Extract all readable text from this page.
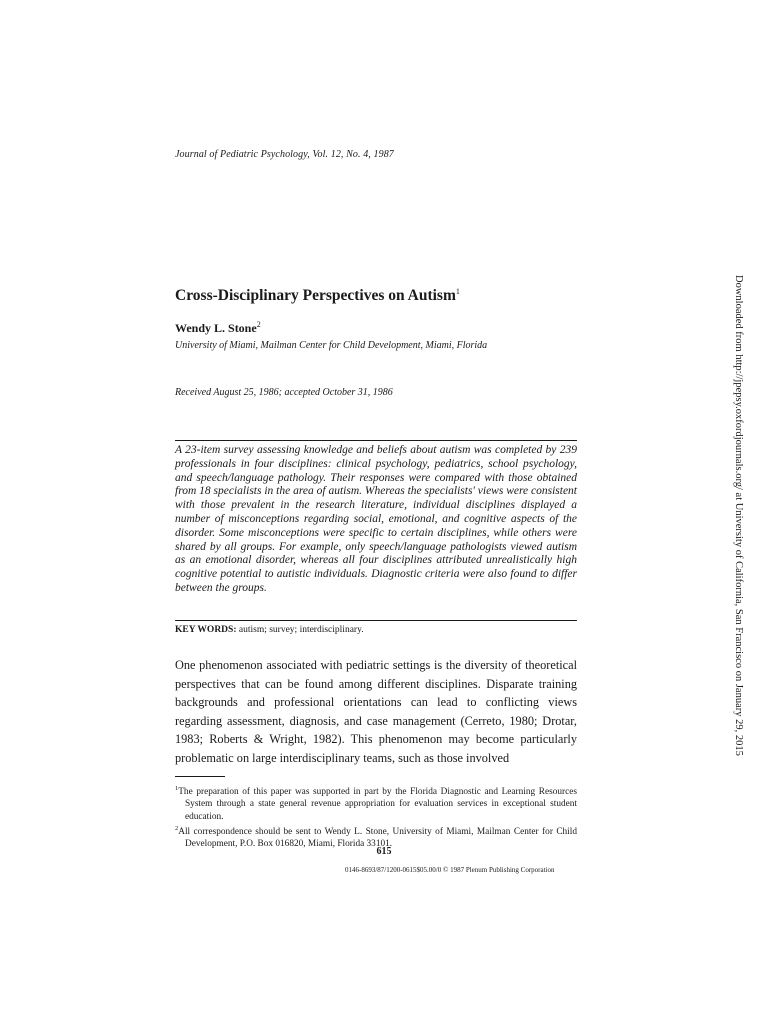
Journal of Pediatric Psychology, Vol. 12, No. 4, 1987
Cross-Disciplinary Perspectives on Autism$^1$
Wendy L. Stone$^2$
University of Miami, Mailman Center for Child Development, Miami, Florida
Received August 25, 1986; accepted October 31, 1986
A 23-item survey assessing knowledge and beliefs about autism was completed by 239 professionals in four disciplines: clinical psychology, pediatrics, school psychology, and speech/language pathology. Their responses were compared with those obtained from 18 specialists in the area of autism. Whereas the specialists' views were consistent with those prevalent in the research literature, individual disciplines displayed a number of misconceptions regarding social, emotional, and cognitive aspects of the disorder. Some misconceptions were specific to certain disciplines, while others were shared by all groups. For example, only speech/language pathologists viewed autism as an emotional disorder, whereas all four disciplines attributed unrealistically high cognitive potential to autistic individuals. Diagnostic criteria were also found to differ between the groups.
KEY WORDS: autism; survey; interdisciplinary.
One phenomenon associated with pediatric settings is the diversity of theoretical perspectives that can be found among different disciplines. Disparate training backgrounds and professional orientations can lead to conflicting views regarding assessment, diagnosis, and case management (Cerreto, 1980; Drotar, 1983; Roberts & Wright, 1982). This phenomenon may become particularly problematic on large interdisciplinary teams, such as those involved
$^1$The preparation of this paper was supported in part by the Florida Diagnostic and Learning Resources System through a state general revenue appropriation for evaluation services in exceptional student education.
$^2$All correspondence should be sent to Wendy L. Stone, University of Miami, Mailman Center for Child Development, P.O. Box 016820, Miami, Florida 33101.
615
0146-8693/87/1200-0615$05.00/0 © 1987 Plenum Publishing Corporation
Downloaded from http://jpepsy.oxfordjournals.org/ at University of California, San Francisco on January 29, 2015
